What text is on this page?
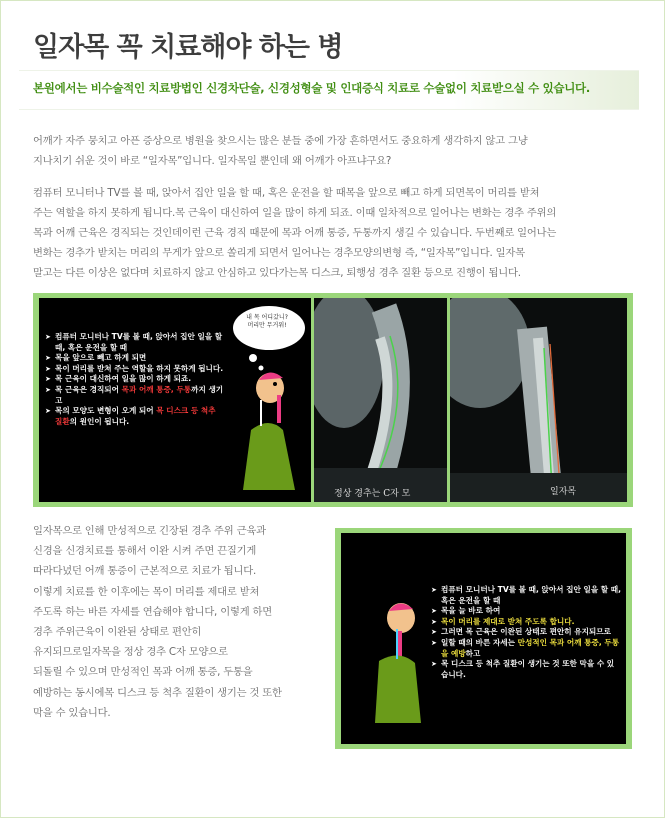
일자목 꼭 치료해야 하는 병

본원에서는 비수술적인 치료방법인 신경차단술, 신경성형술 및 인대증식 치료로 수술없이 치료받으실 수 있습니다.

어깨가 자주 뭉치고 아픈 증상으로 병원을 찾으시는 많은 분들 중에 가장 흔하면서도 중요하게 생각하지 않고 그냥
지나치기 쉬운 것이 바로 “일자목”입니다. 일자목일 뿐인데 왜 어깨가 아프냐구요?

컴퓨터 모니터나 TV를 볼 때, 앉아서 집안 일을 할 때, 혹은 운전을 할 때목을 앞으로 빼고 하게 되면목이 머리를 받쳐
주는 역할을 하지 못하게 됩니다.목 근육이 대신하여 일을 많이 하게 되죠. 이때 일차적으로 일어나는 변화는 경추 주위의
목과 어깨 근육은 경직되는 것인데이런 근육 경직 때문에 목과 어깨 통증, 두통까지 생길 수 있습니다. 두번째로 일어나는
변화는 경추가 받치는 머리의 무게가 앞으로 쏠리게 되면서 일어나는 경추모양의변형 즉, “일자목”입니다. 일자목
말고는 다른 이상은 없다며 치료하지 않고 안심하고 있다가는목 디스크, 퇴행성 경추 질환 등으로 진행이 됩니다.

내 목 어디갔니?
머리만 무거워!

➤ 컴퓨터 모니터나 TV를 볼 때, 앉아서 집안 일을 할 때, 혹은 운전을 할 때
➤ 목을 앞으로 빼고 하게 되면
➤ 목이 머리를 받쳐 주는 역할을 하지 못하게 됩니다.
➤ 목 근육이 대신하여 일을 많이 하게 되죠.
➤ 목 근육은 경직되어 목과 어깨 통증, 두통까지 생기고
➤ 목의 모양도 변형이 오게 되어 목 디스크 등 척추 질환의 원인이 됩니다.
정상 경추는 C자 모	일자목

일자목으로 인해 만성적으로 긴장된 경추 주위 근육과
신경을 신경치료를 통해서 이완 시켜 주면 끈질기게
따라다녔던 어깨 통증이 근본적으로 치료가 됩니다.
이렇게 치료를 한 이후에는 목이 머리를 제대로 받쳐
주도록 하는 바른 자세를 연습해야 합니다, 이렇게 하면
경추 주위근육이 이완된 상태로 편안히
유지되므로일자목을 정상 경추 C자 모양으로
되돌릴 수 있으며 만성적인 목과 어깨 통증, 두통을
예방하는 동시에목 디스크 등 척추 질환이 생기는 것 또한
막을 수 있습니다.

➤ 컴퓨터 모니터나 TV를 볼 때, 앉아서 집안 일을 할 때, 혹은 운전을 할 때
➤ 목을 늘 바로 하여
➤ 목이 머리를 제대로 받쳐 주도록 합니다.
➤ 그러면 목 근육은 이완된 상태로 편안히 유지되므로
➤ 일할 때의 바른 자세는 만성적인 목과 어깨 통증, 두통을 예방하고
➤ 목 디스크 등 척추 질환이 생기는 것 또한 막을 수 있습니다.
